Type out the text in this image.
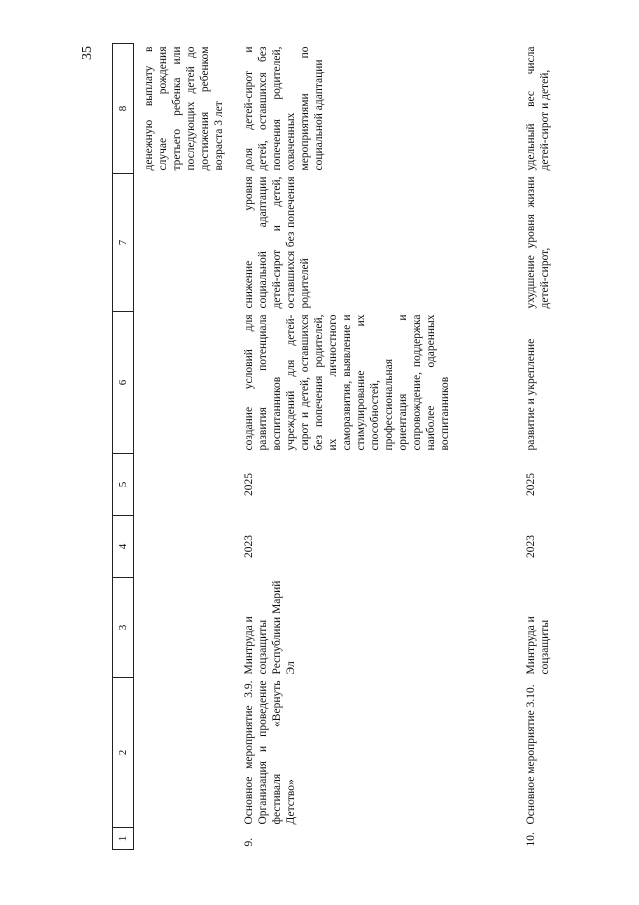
35
1	2	3	4	5	6	7	8
							денежную выплату в случае рождения третьего ребенка или последующих детей до достижения ребенком возраста 3 лет
9.	Основное мероприятие 3.9. Организация и проведение фестиваля «Вернуть Детство»	Минтруда и соцзащиты Республики Марий Эл	2023	2025	создание условий для развития потенциала воспитанников учреждений для детей-сирот и детей, оставшихся без попечения родителей, их личностного саморазвития, выявление и стимулирование их способностей, профессиональная ориентация и сопровождение, поддержка наиболее одаренных воспитанников	снижение уровня социальной адаптации детей-сирот и детей, оставшихся без попечения родителей	доля детей-сирот и детей, оставшихся без попечения родителей, охваченных мероприятиями по социальной адаптации
10.	Основное мероприятие 3.10.	Минтруда и соцзащиты	2023	2025	развитие и укрепление	ухудшение уровня жизни детей-сирот,	удельный вес числа детей-сирот и детей,
